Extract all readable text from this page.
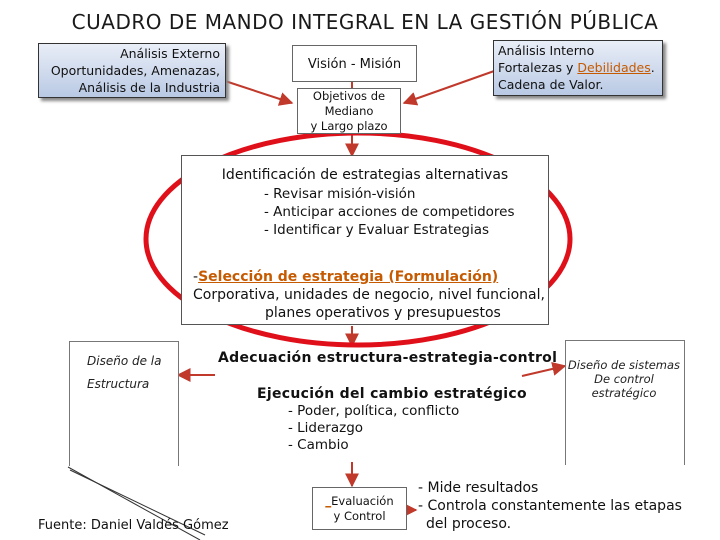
CUADRO DE MANDO INTEGRAL EN LA GESTIÓN PÚBLICA
Análisis Externo
Oportunidades, Amenazas,
Análisis de la Industria
Visión - Misión
Análisis Interno
Fortalezas y Debilidades.
Cadena de Valor.
Objetivos de
Mediano
y Largo plazo
Identificación de estrategias alternativas
- Revisar misión-visión
- Anticipar acciones de competidores
- Identificar y Evaluar Estrategias
-Selección de estrategia (Formulación)
Corporativa, unidades de negocio, nivel funcional,
planes operativos y presupuestos
Diseño de la
Estructura
Adecuación estructura-estrategia-control
Ejecución del cambio estratégico
- Poder, política, conflicto
- Liderazgo
- Cambio
Diseño de sistemas
De control
estratégico
_Evaluación
y Control
- Mide resultados
- Controla constantemente las etapas
del proceso.
Fuente: Daniel Valdés Gómez
